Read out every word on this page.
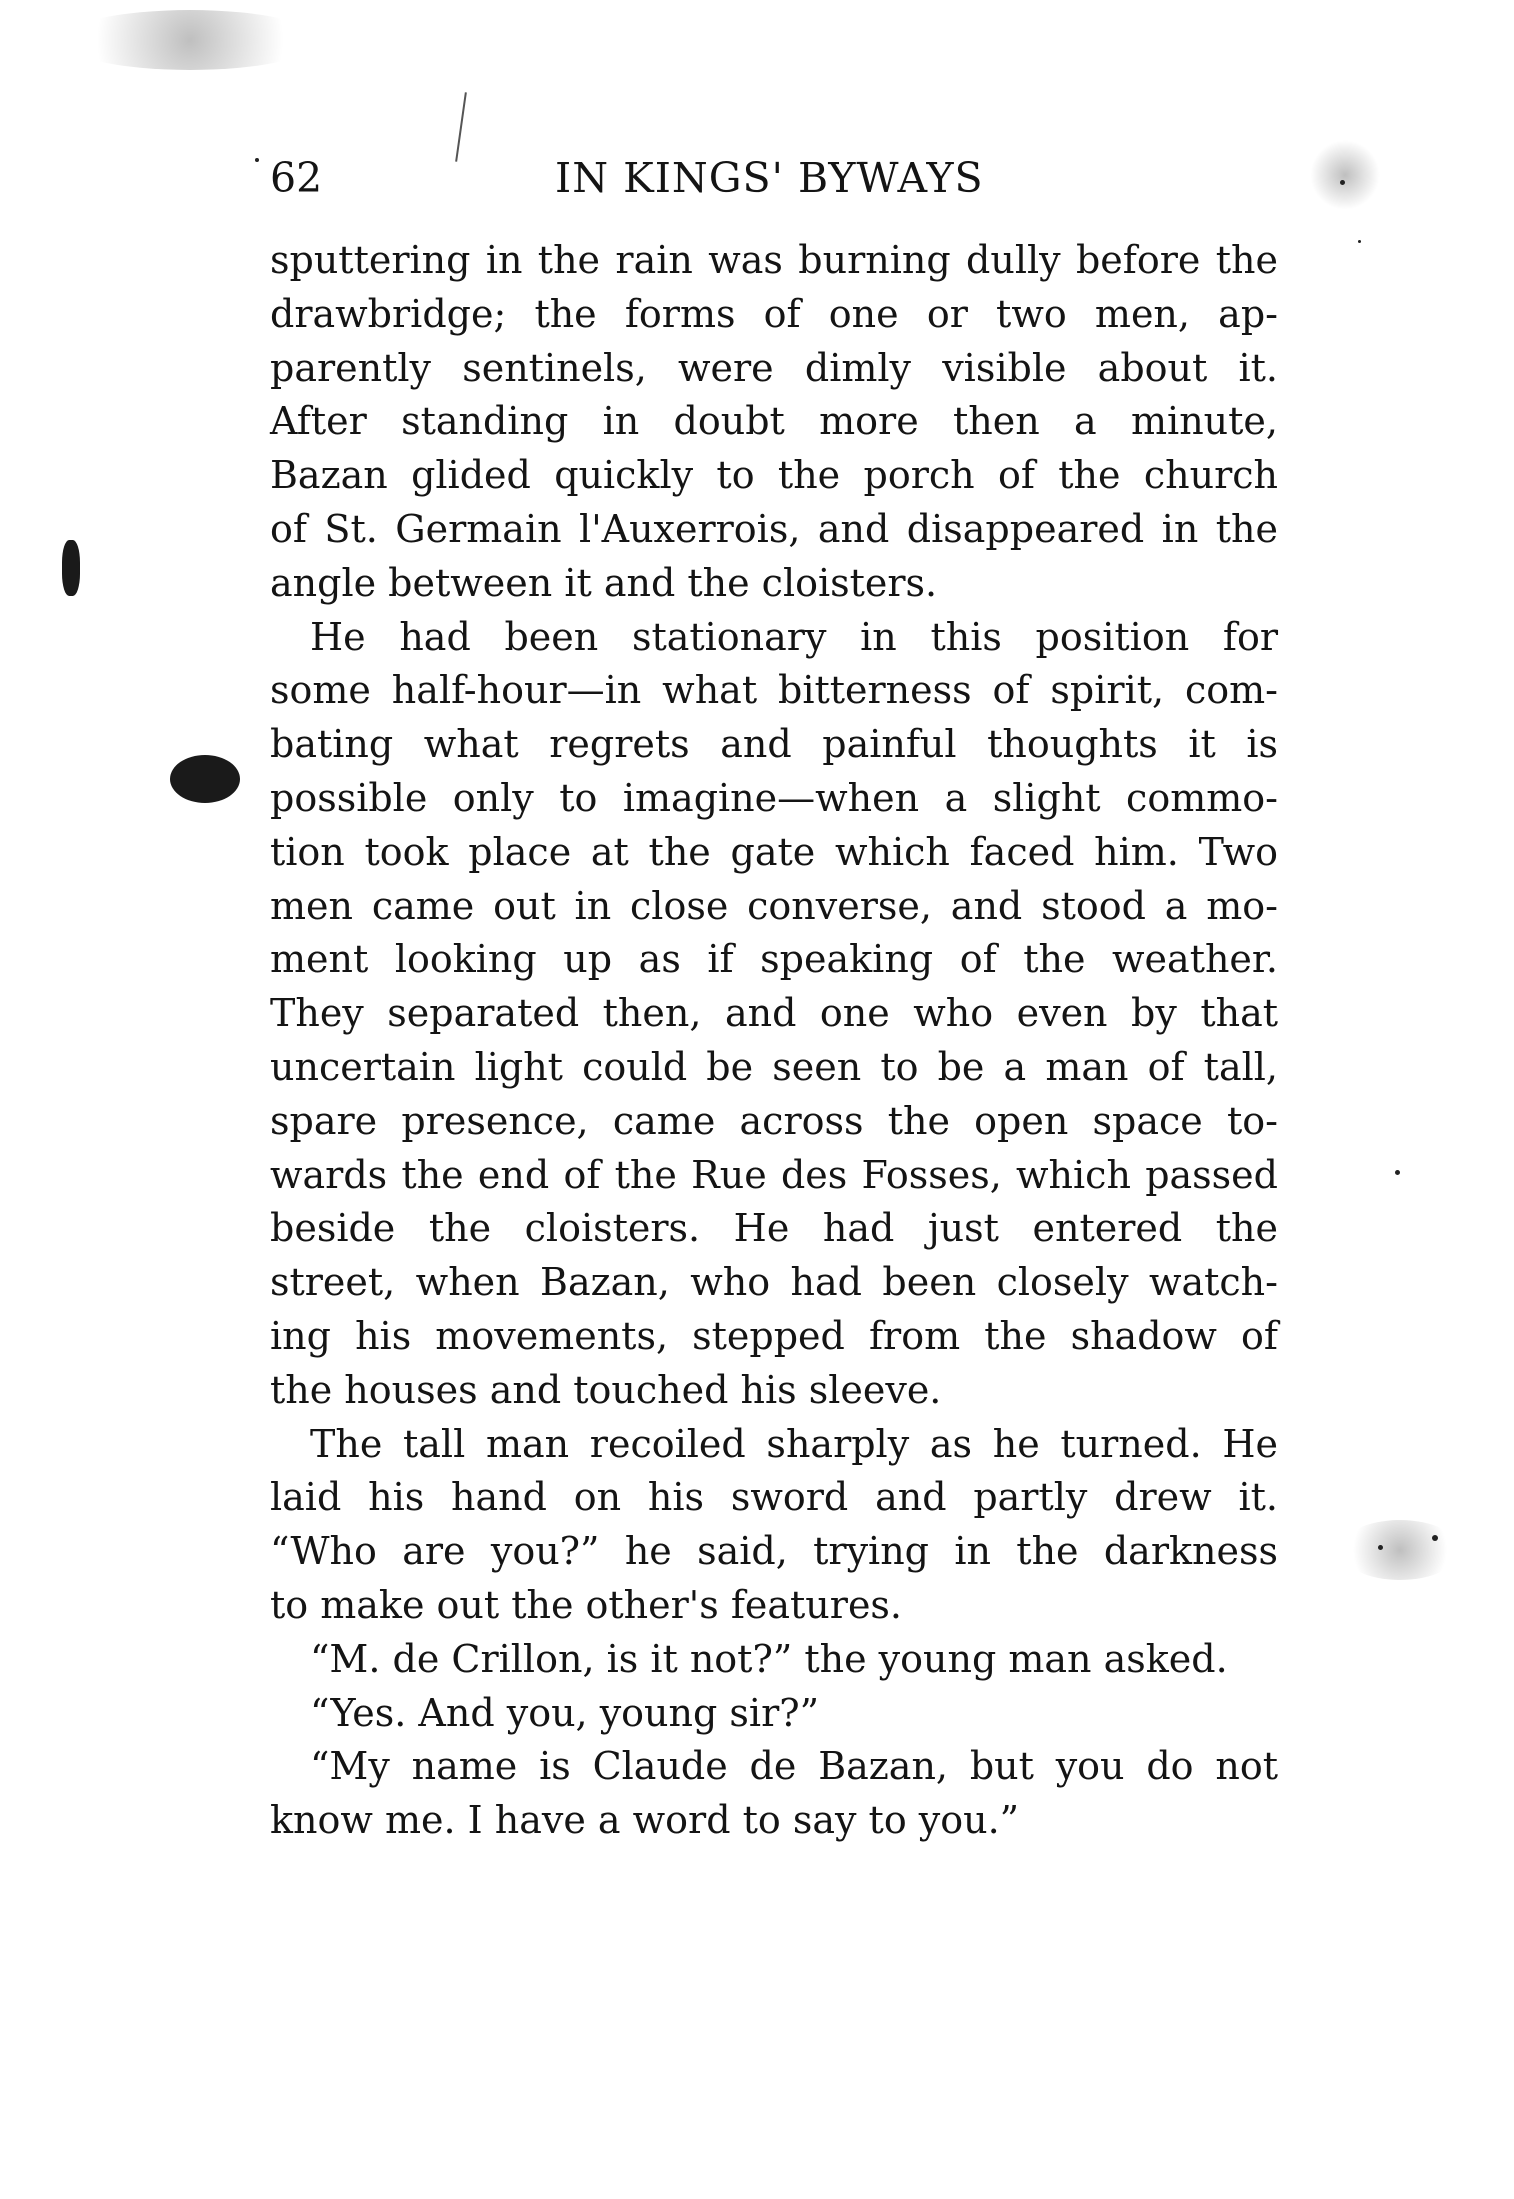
62	IN KINGS' BYWAYS
sputtering in the rain was burning dully before the
drawbridge; the forms of one or two men, ap-
parently sentinels, were dimly visible about it.
After standing in doubt more then a minute,
Bazan glided quickly to the porch of the church
of St. Germain l'Auxerrois, and disappeared in the
angle between it and the cloisters.
He had been stationary in this position for
some half-hour—in what bitterness of spirit, com-
bating what regrets and painful thoughts it is
possible only to imagine—when a slight commo-
tion took place at the gate which faced him. Two
men came out in close converse, and stood a mo-
ment looking up as if speaking of the weather.
They separated then, and one who even by that
uncertain light could be seen to be a man of tall,
spare presence, came across the open space to-
wards the end of the Rue des Fosses, which passed
beside the cloisters. He had just entered the
street, when Bazan, who had been closely watch-
ing his movements, stepped from the shadow of
the houses and touched his sleeve.
The tall man recoiled sharply as he turned. He
laid his hand on his sword and partly drew it.
“Who are you?” he said, trying in the darkness
to make out the other's features.
“M. de Crillon, is it not?” the young man asked.
“Yes. And you, young sir?”
“My name is Claude de Bazan, but you do not
know me. I have a word to say to you.”
